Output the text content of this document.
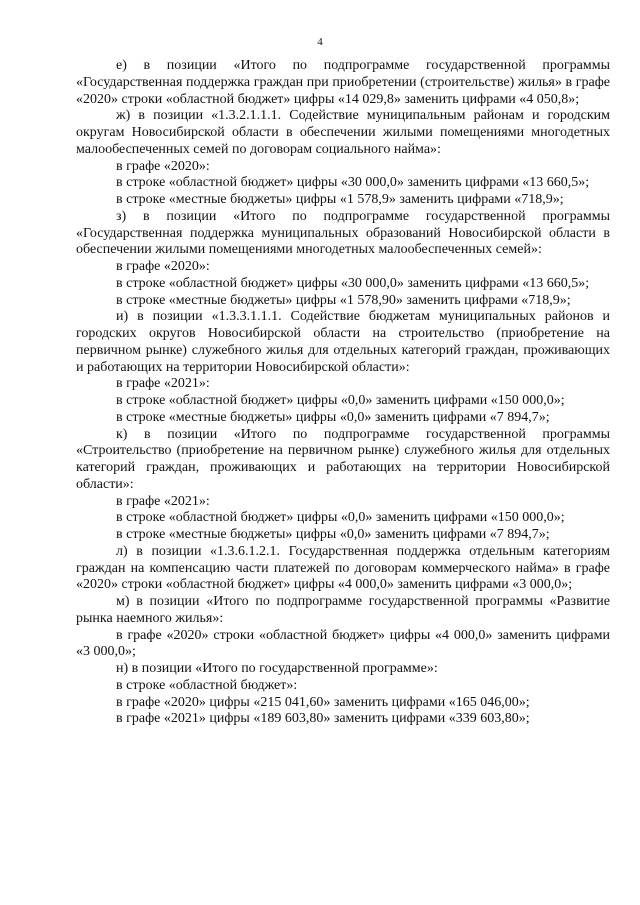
4

е) в позиции «Итого по подпрограмме государственной программы «Государственная поддержка граждан при приобретении (строительстве) жилья» в графе «2020» строки «областной бюджет» цифры «14 029,8» заменить цифрами «4 050,8»;

ж) в позиции «1.3.2.1.1.1. Содействие муниципальным районам и городским округам Новосибирской области в обеспечении жилыми помещениями многодетных малообеспеченных семей по договорам социального найма»:

в графе «2020»:

в строке «областной бюджет» цифры «30 000,0» заменить цифрами «13 660,5»;

в строке «местные бюджеты» цифры «1 578,9» заменить цифрами «718,9»;

з) в позиции «Итого по подпрограмме государственной программы «Государственная поддержка муниципальных образований Новосибирской области в обеспечении жилыми помещениями многодетных малообеспеченных семей»:

в графе «2020»:

в строке «областной бюджет» цифры «30 000,0» заменить цифрами «13 660,5»;

в строке «местные бюджеты» цифры «1 578,90» заменить цифрами «718,9»;

и) в позиции «1.3.3.1.1.1. Содействие бюджетам муниципальных районов и городских округов Новосибирской области на строительство (приобретение на первичном рынке) служебного жилья для отдельных категорий граждан, проживающих и работающих на территории Новосибирской области»:

в графе «2021»:

в строке «областной бюджет» цифры «0,0» заменить цифрами «150 000,0»;

в строке «местные бюджеты» цифры «0,0» заменить цифрами «7 894,7»;

к) в позиции «Итого по подпрограмме государственной программы «Строительство (приобретение на первичном рынке) служебного жилья для отдельных категорий граждан, проживающих и работающих на территории Новосибирской области»:

в графе «2021»:

в строке «областной бюджет» цифры «0,0» заменить цифрами «150 000,0»;

в строке «местные бюджеты» цифры «0,0» заменить цифрами «7 894,7»;

л) в позиции «1.3.6.1.2.1. Государственная поддержка отдельным категориям граждан на компенсацию части платежей по договорам коммерческого найма» в графе «2020» строки «областной бюджет» цифры «4 000,0» заменить цифрами «3 000,0»;

м) в позиции «Итого по подпрограмме государственной программы «Развитие рынка наемного жилья»:

в графе «2020» строки «областной бюджет» цифры «4 000,0» заменить цифрами «3 000,0»;

н) в позиции «Итого по государственной программе»:

в строке «областной бюджет»:

в графе «2020» цифры «215 041,60» заменить цифрами «165 046,00»;

в графе «2021» цифры «189 603,80» заменить цифрами «339 603,80»;
